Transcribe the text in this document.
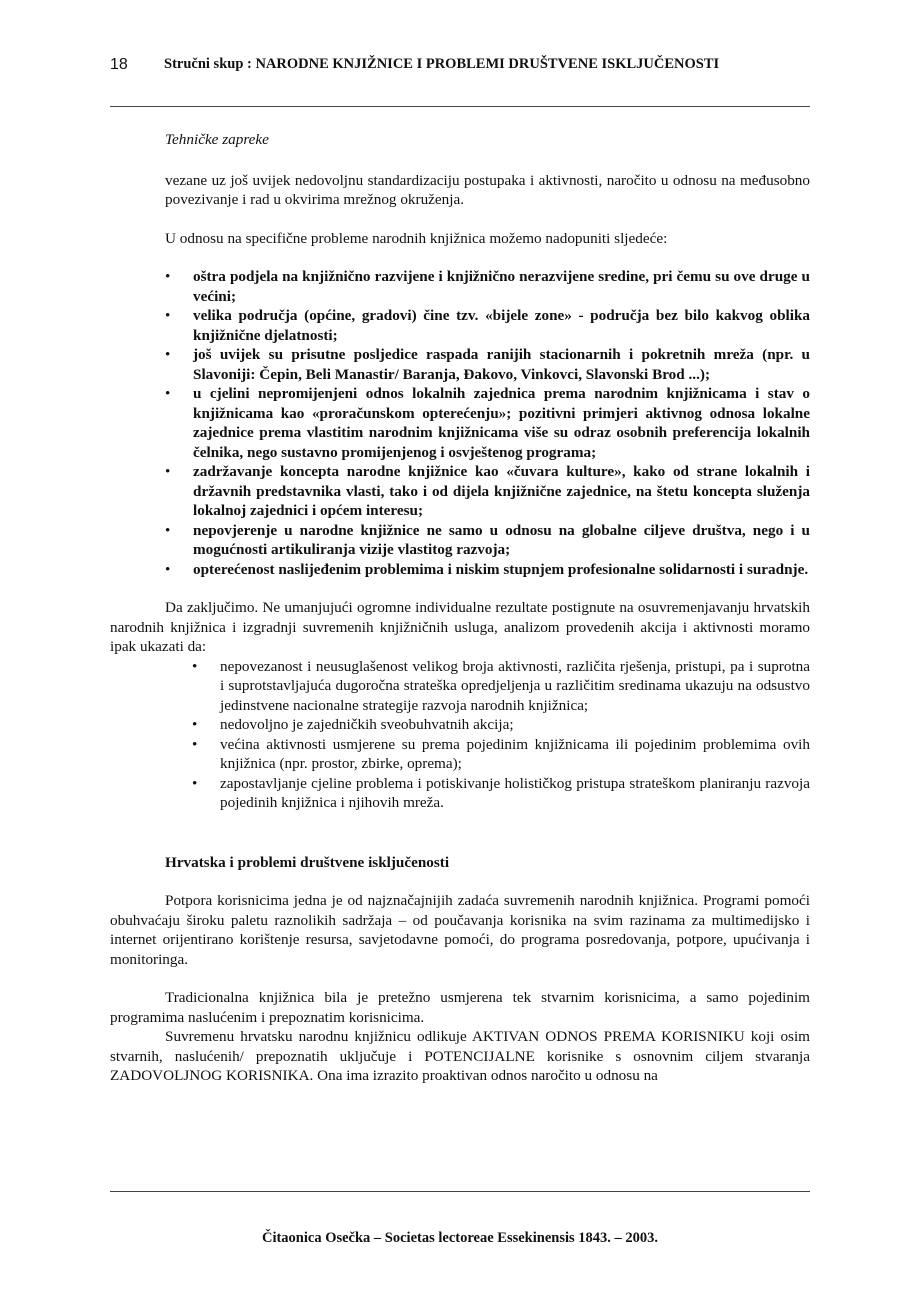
18 Stručni skup : NARODNE KNJIŽNICE I PROBLEMI DRUŠTVENE ISKLJUČENOSTI
Tehničke zapreke

vezane uz još uvijek nedovoljnu standardizaciju postupaka i aktivnosti, naročito u odnosu na međusobno povezivanje i rad u okvirima mrežnog okruženja.

U odnosu na specifične probleme narodnih knjižnica možemo nadopuniti sljedeće:

• oštra podjela na knjižnično razvijene i knjižnično nerazvijene sredine, pri čemu su ove druge u većini;
• velika područja (općine, gradovi) čine tzv. «bijele zone» - područja bez bilo kakvog oblika knjižnične djelatnosti;
• još uvijek su prisutne posljedice raspada ranijih stacionarnih i pokretnih mreža (npr. u Slavoniji: Čepin, Beli Manastir/ Baranja, Đakovo, Vinkovci, Slavonski Brod ...);
• u cjelini nepromijenjeni odnos lokalnih zajednica prema narodnim knjižnicama i stav o knjižnicama kao «proračunskom opterećenju»; pozitivni primjeri aktivnog odnosa lokalne zajednice prema vlastitim narodnim knjižnicama više su odraz osobnih preferencija lokalnih čelnika, nego sustavno promijenjenog i osvještenog programa;
• zadržavanje koncepta narodne knjižnice kao «čuvara kulture», kako od strane lokalnih i državnih predstavnika vlasti, tako i od dijela knjižnične zajednice, na štetu koncepta služenja lokalnoj zajednici i općem interesu;
• nepovjerenje u narodne knjižnice ne samo u odnosu na globalne ciljeve društva, nego i u mogućnosti artikuliranja vizije vlastitog razvoja;
• opterećenost naslijeđenim problemima i niskim stupnjem profesionalne solidarnosti i suradnje.

Da zaključimo. Ne umanjujući ogromne individualne rezultate postignute na osuvremenjavanju hrvatskih narodnih knjižnica i izgradnji suvremenih knjižničnih usluga, analizom provedenih akcija i aktivnosti moramo ipak ukazati da:

• nepovezanost i neusuglašenost velikog broja aktivnosti, različita rješenja, pristupi, pa i suprotna i suprotstavljajuća dugoročna strateška opredjeljenja u različitim sredinama ukazuju na odsustvo jedinstvene nacionalne strategije razvoja narodnih knjižnica;
• nedovoljno je zajedničkih sveobuhvatnih akcija;
• većina aktivnosti usmjerene su prema pojedinim knjižnicama ili pojedinim problemima ovih knjižnica (npr. prostor, zbirke, oprema);
• zapostavljanje cjeline problema i potiskivanje holističkog pristupa strateškom planiranju razvoja pojedinih knjižnica i njihovih mreža.
Hrvatska i problemi društvene isključenosti

Potpora korisnicima jedna je od najznačajnijih zadaća suvremenih narodnih knjižnica. Programi pomoći obuhvaćaju široku paletu raznolikih sadržaja – od poučavanja korisnika na svim razinama za multimedijsko i internet orijentirano korištenje resursa, savjetodavne pomoći, do programa posredovanja, potpore, upućivanja i monitoringa.

Tradicionalna knjižnica bila je pretežno usmjerena tek stvarnim korisnicima, a samo pojedinim programima naslućenim i prepoznatim korisnicima.

Suvremenu hrvatsku narodnu knjižnicu odlikuje AKTIVAN ODNOS PREMA KORISNIKU koji osim stvarnih, naslućenih/ prepoznatih uključuje i POTENCIJALNE korisnike s osnovnim ciljem stvaranja ZADOVOLJNOG KORISNIKA. Ona ima izrazito proaktivan odnos naročito u odnosu na

Čitaonica Osečka – Societas lectoreae Essekinensis 1843. – 2003.
